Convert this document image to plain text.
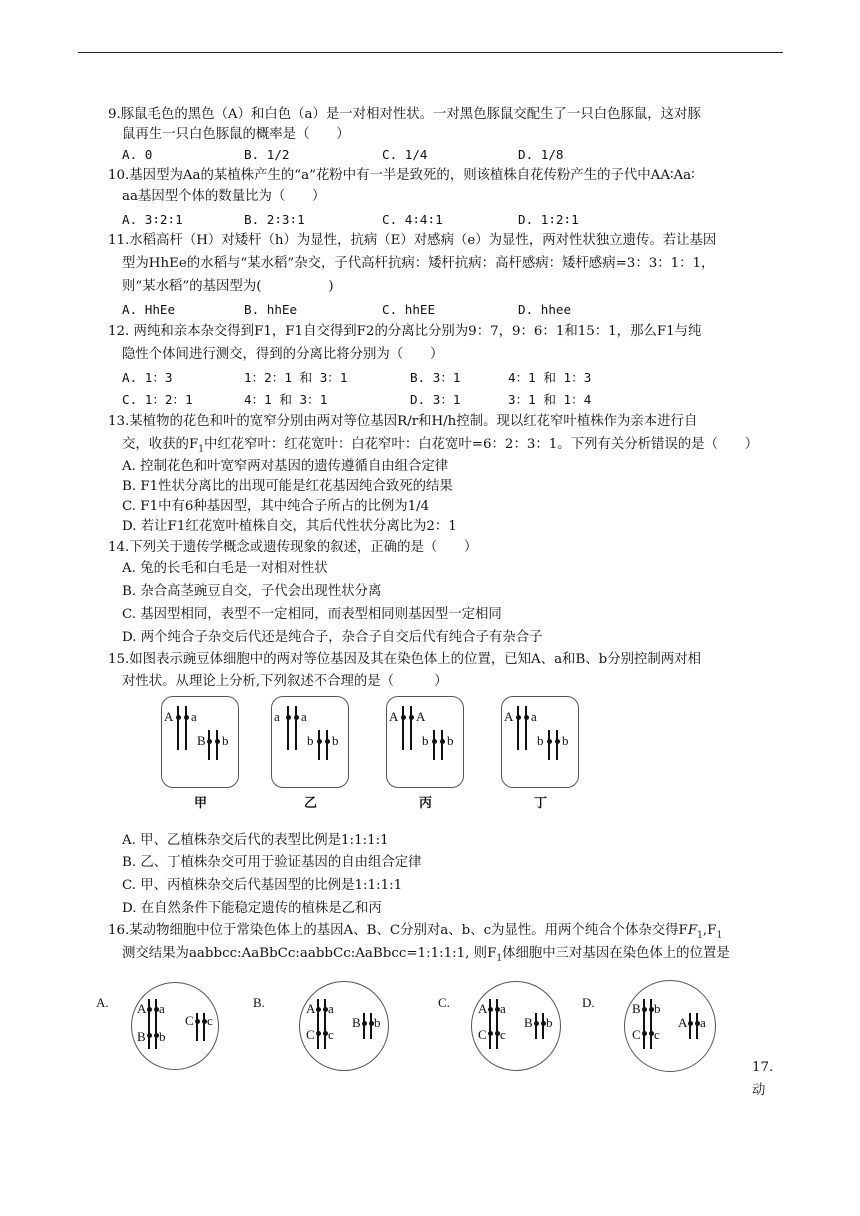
9.豚鼠毛色的黑色（A）和白色（a）是一对相对性状。一对黑色豚鼠交配生了一只白色豚鼠，这对豚
鼠再生一只白色豚鼠的概率是（　　）
A. 0	B. 1/2	C. 1/4	D. 1/8
10.基因型为Aa的某植株产生的“a”花粉中有一半是致死的，则该植株自花传粉产生的子代中AA∶Aa∶
aa基因型个体的数量比为（　　）
A. 3∶2∶1	B. 2∶3∶1	C. 4∶4∶1	D. 1∶2∶1
11.水稻高杆（H）对矮杆（h）为显性，抗病（E）对感病（e）为显性，两对性状独立遗传。若让基因
型为HhEe的水稻与“某水稻”杂交，子代高杆抗病：矮杆抗病：高杆感病：矮杆感病=3：3：1：1，
则“某水稻”的基因型为(　　　　　)
A. HhEe	B. hhEe	C. hhEE	D. hhee
12. 两纯和亲本杂交得到F1，F1自交得到F2的分离比分别为9：7，9：6：1和15：1，那么F1与纯
隐性个体间进行测交，得到的分离比将分别为（　　）
A. 1：3	1：2：1 和 3：1	B. 3：1	4：1 和 1：3
C. 1：2：1	4：1 和 3：1	D. 3：1	3：1 和 1：4
13.某植物的花色和叶的宽窄分别由两对等位基因R/r和H/h控制。现以红花窄叶植株作为亲本进行自
交，收获的$F_1$中红花窄叶：红花宽叶：白花窄叶：白花宽叶=6：2：3：1。下列有关分析错误的是（　　）
A. 控制花色和叶宽窄两对基因的遗传遵循自由组合定律
B. F1性状分离比的出现可能是红花基因纯合致死的结果
C. F1中有6种基因型，其中纯合子所占的比例为1/4
D. 若让F1红花宽叶植株自交，其后代性状分离比为2：1
14.下列关于遗传学概念或遗传现象的叙述，正确的是（　　）
A. 兔的长毛和白毛是一对相对性状
B. 杂合高茎豌豆自交，子代会出现性状分离
C. 基因型相同，表型不一定相同，而表型相同则基因型一定相同
D. 两个纯合子杂交后代还是纯合子，杂合子自交后代有纯合子有杂合子
15.如图表示豌豆体细胞中的两对等位基因及其在染色体上的位置，已知A、a和B、b分别控制两对相
对性状。从理论上分析,下列叙述不合理的是（　　　）
A a
B b
甲
a a
b b
乙
A A
b b
丙
A a
b b
丁
A. 甲、乙植株杂交后代的表型比例是1:1:1:1
B. 乙、丁植株杂交可用于验证基因的自由组合定律
C. 甲、丙植株杂交后代基因型的比例是1:1:1:1
D. 在自然条件下能稳定遗传的植株是乙和丙
16.某动物细胞中位于常染色体上的基因A、B、C分别对a、b、c为显性。用两个纯合个体杂交得$FF_1,F_1$
测交结果为aabbcc:AaBbCc:aabbCc:AaBbcc=1:1:1:1, 则$F_1$体细胞中三对基因在染色体上的位置是
A. A a
B b
C c
B.	A a
C c
B b
C. A a
C c
B b
D.	B b
C c
A a
17.
动
